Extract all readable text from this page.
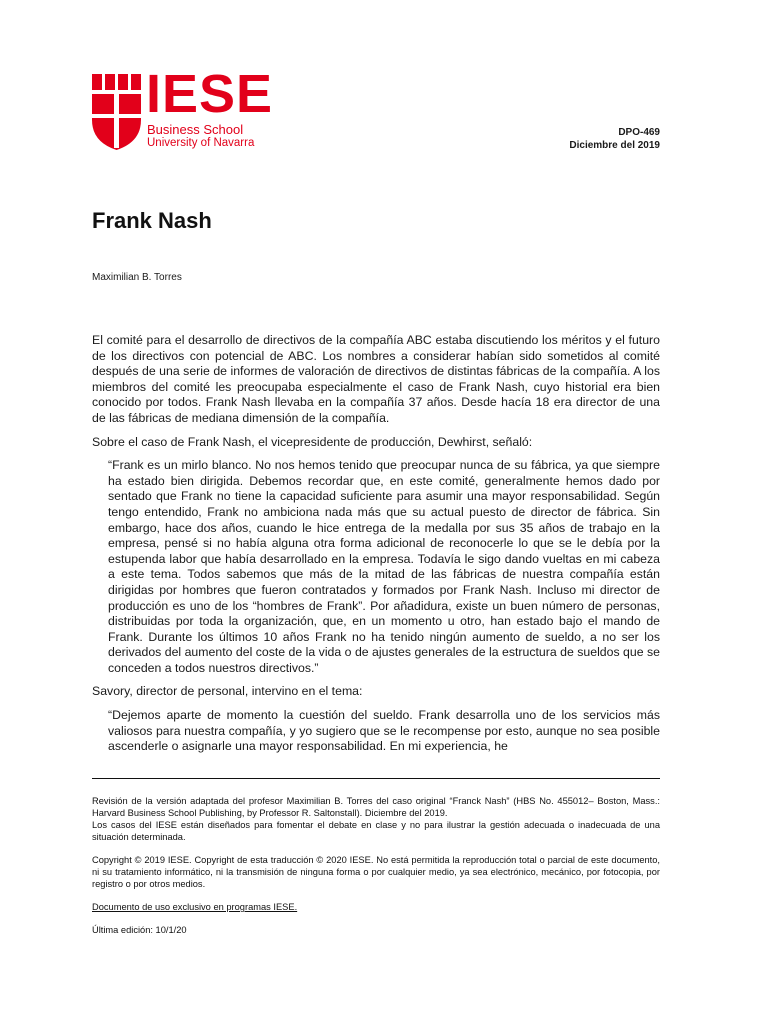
IESE
Business School
University of Navarra
DPO-469
Diciembre del 2019
Frank Nash
Maximilian B. Torres

El comité para el desarrollo de directivos de la compañía ABC estaba discutiendo los méritos y el futuro de los directivos con potencial de ABC. Los nombres a considerar habían sido sometidos al comité después de una serie de informes de valoración de directivos de distintas fábricas de la compañía. A los miembros del comité les preocupaba especialmente el caso de Frank Nash, cuyo historial era bien conocido por todos. Frank Nash llevaba en la compañía 37 años. Desde hacía 18 era director de una de las fábricas de mediana dimensión de la compañía.

Sobre el caso de Frank Nash, el vicepresidente de producción, Dewhirst, señaló:

“Frank es un mirlo blanco. No nos hemos tenido que preocupar nunca de su fábrica, ya que siempre ha estado bien dirigida. Debemos recordar que, en este comité, generalmente hemos dado por sentado que Frank no tiene la capacidad suficiente para asumir una mayor responsabilidad. Según tengo entendido, Frank no ambiciona nada más que su actual puesto de director de fábrica. Sin embargo, hace dos años, cuando le hice entrega de la medalla por sus 35 años de trabajo en la empresa, pensé si no había alguna otra forma adicional de reconocerle lo que se le debía por la estupenda labor que había desarrollado en la empresa. Todavía le sigo dando vueltas en mi cabeza a este tema. Todos sabemos que más de la mitad de las fábricas de nuestra compañía están dirigidas por hombres que fueron contratados y formados por Frank Nash. Incluso mi director de producción es uno de los “hombres de Frank”. Por añadidura, existe un buen número de personas, distribuidas por toda la organización, que, en un momento u otro, han estado bajo el mando de Frank. Durante los últimos 10 años Frank no ha tenido ningún aumento de sueldo, a no ser los derivados del aumento del coste de la vida o de ajustes generales de la estructura de sueldos que se conceden a todos nuestros directivos.”

Savory, director de personal, intervino en el tema:

“Dejemos aparte de momento la cuestión del sueldo. Frank desarrolla uno de los servicios más valiosos para nuestra compañía, y yo sugiero que se le recompense por esto, aunque no sea posible ascenderle o asignarle una mayor responsabilidad. En mi experiencia, he

Revisión de la versión adaptada del profesor Maximilian B. Torres del caso original “Franck Nash” (HBS No. 455012– Boston, Mass.: Harvard Business School Publishing, by Professor R. Saltonstall). Diciembre del 2019.

Los casos del IESE están diseñados para fomentar el debate en clase y no para ilustrar la gestión adecuada o inadecuada de una situación determinada.

Copyright © 2019 IESE. Copyright de esta traducción © 2020 IESE. No está permitida la reproducción total o parcial de este documento, ni su tratamiento informático, ni la transmisión de ninguna forma o por cualquier medio, ya sea electrónico, mecánico, por fotocopia, por registro o por otros medios.

Documento de uso exclusivo en programas IESE.

Última edición: 10/1/20
